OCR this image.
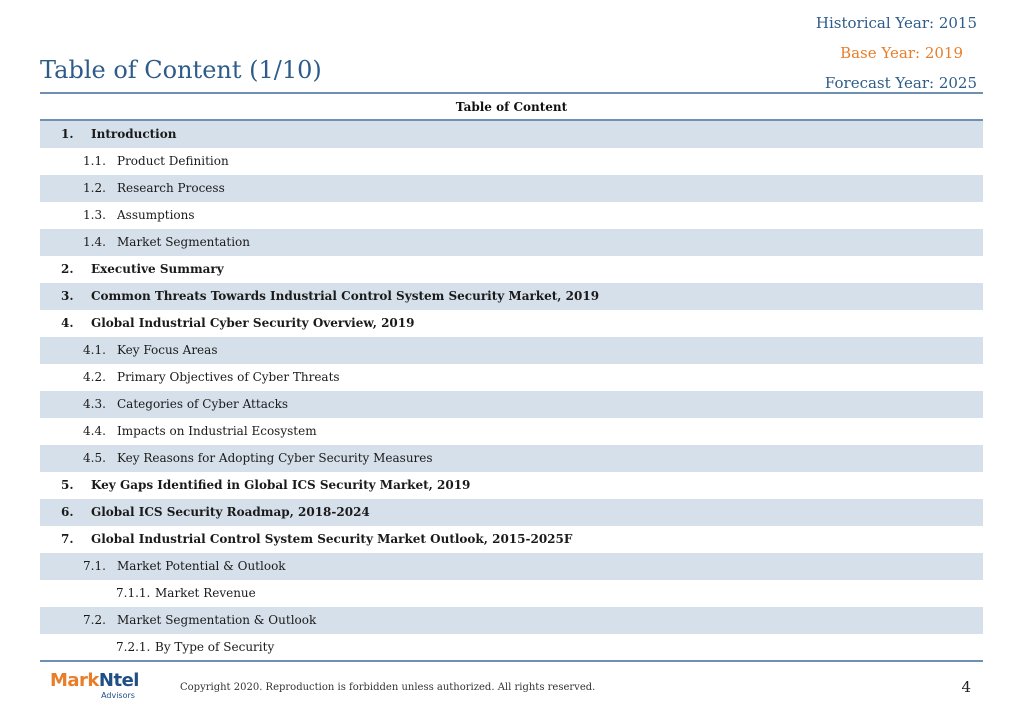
Historical Year: 2015
Base Year: 2019
Forecast Year: 2025
Table of Content (1/10)
Table of Content
1. Introduction
1.1. Product Definition
1.2. Research Process
1.3. Assumptions
1.4. Market Segmentation
2. Executive Summary
3. Common Threats Towards Industrial Control System Security Market, 2019
4. Global Industrial Cyber Security Overview, 2019
4.1. Key Focus Areas
4.2. Primary Objectives of Cyber Threats
4.3. Categories of Cyber Attacks
4.4. Impacts on Industrial Ecosystem
4.5. Key Reasons for Adopting Cyber Security Measures
5. Key Gaps Identified in Global ICS Security Market, 2019
6. Global ICS Security Roadmap, 2018-2024
7. Global Industrial Control System Security Market Outlook, 2015-2025F
7.1. Market Potential & Outlook
7.1.1. Market Revenue
7.2. Market Segmentation & Outlook
7.2.1. By Type of Security
MarkNtel
Advisors
Copyright 2020. Reproduction is forbidden unless authorized. All rights reserved.	4
